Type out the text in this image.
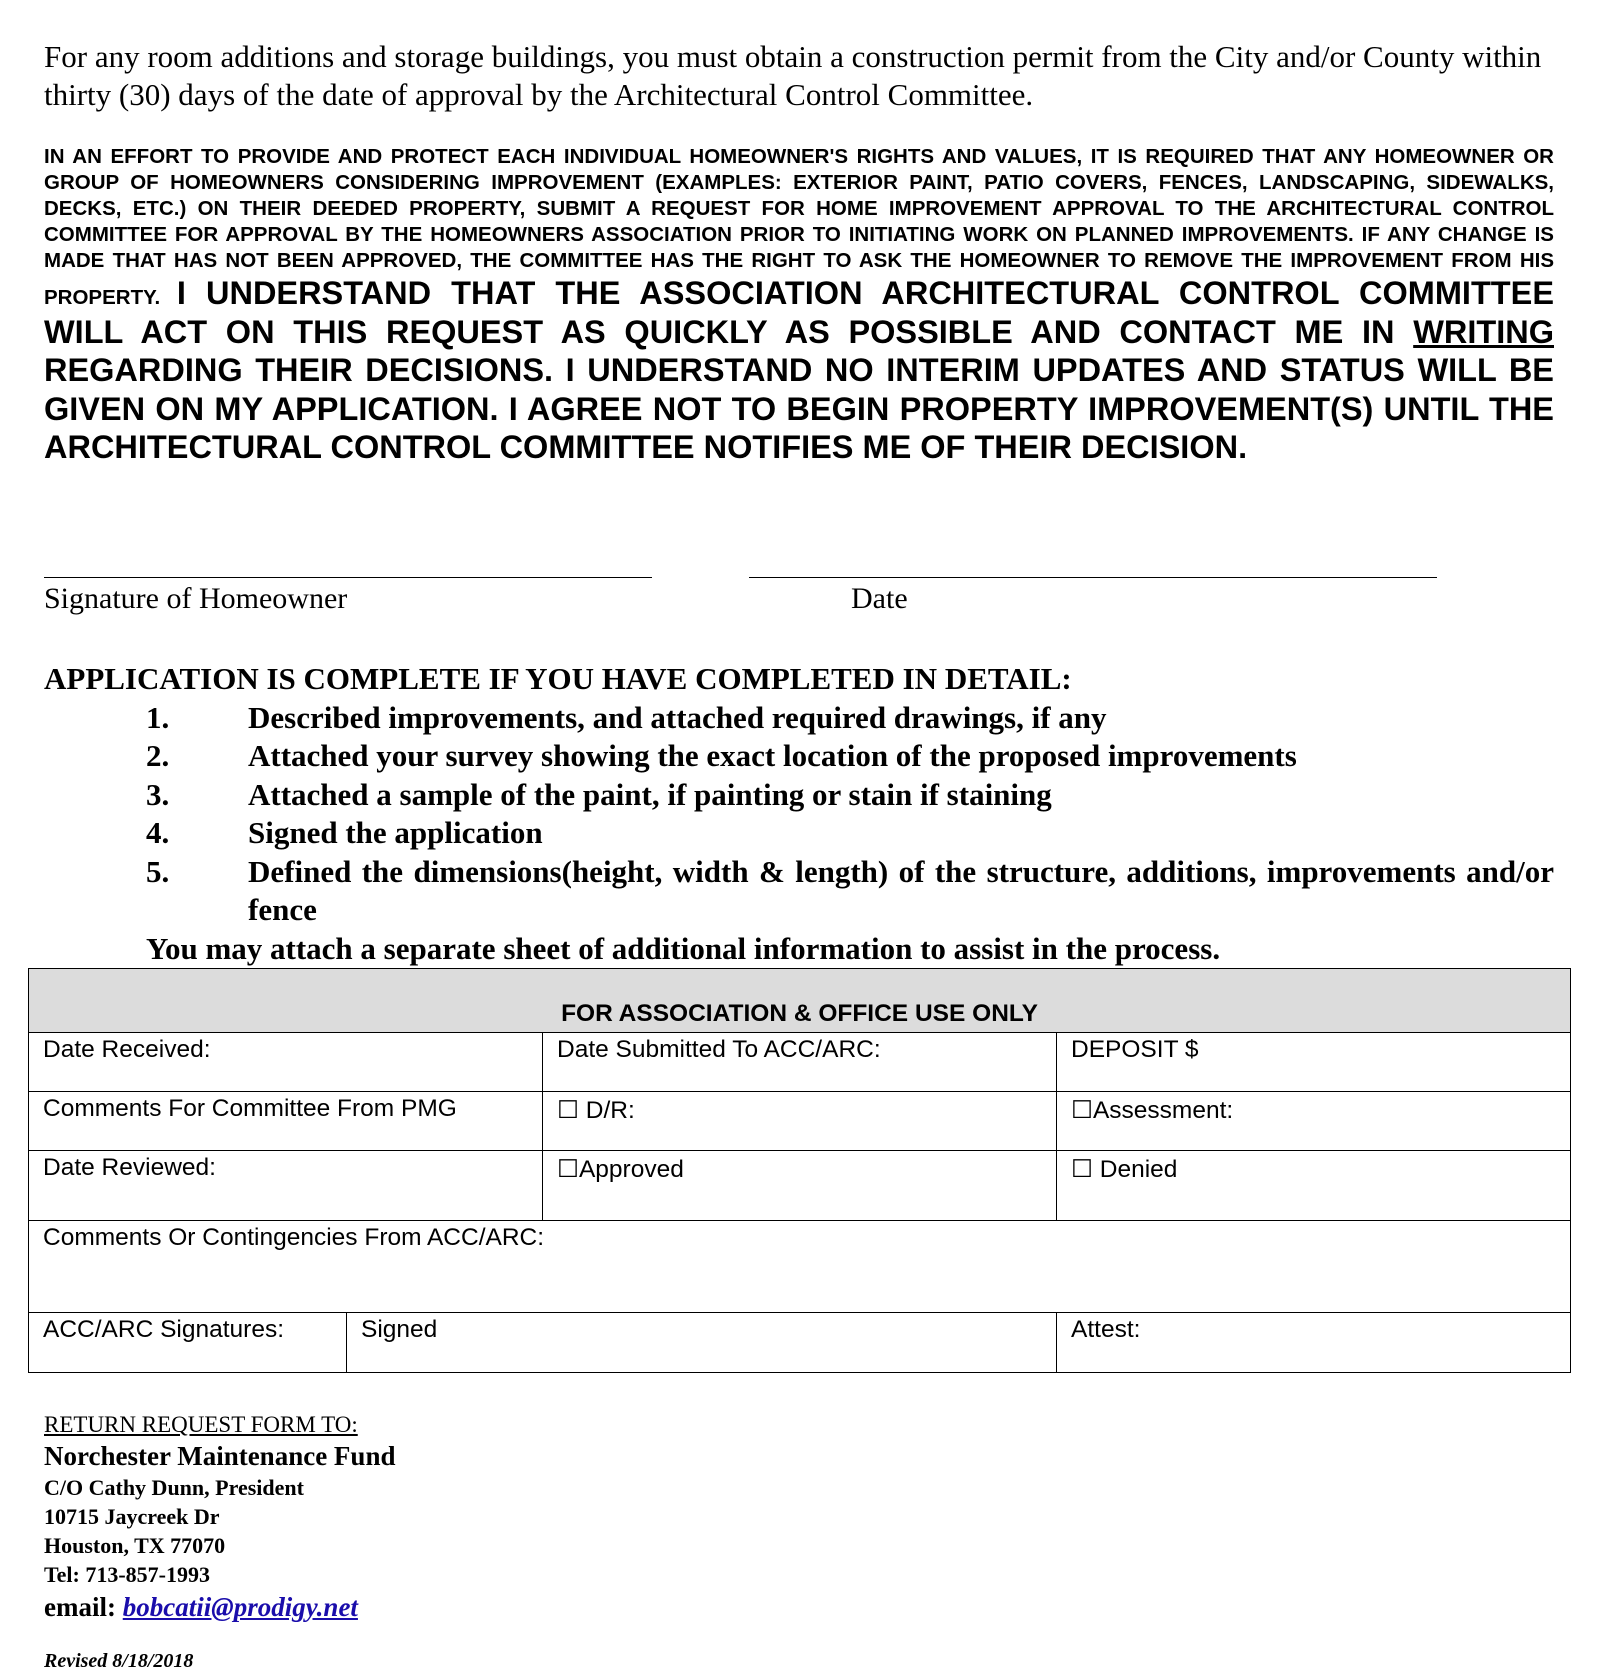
For any room additions and storage buildings, you must obtain a construction permit from the City and/or County within thirty (30) days of the date of approval by the Architectural Control Committee.
IN AN EFFORT TO PROVIDE AND PROTECT EACH INDIVIDUAL HOMEOWNER'S RIGHTS AND VALUES, IT IS REQUIRED THAT ANY HOMEOWNER OR GROUP OF HOMEOWNERS CONSIDERING IMPROVEMENT (EXAMPLES: EXTERIOR PAINT, PATIO COVERS, FENCES, LANDSCAPING, SIDEWALKS, DECKS, ETC.) ON THEIR DEEDED PROPERTY, SUBMIT A REQUEST FOR HOME IMPROVEMENT APPROVAL TO THE ARCHITECTURAL CONTROL COMMITTEE FOR APPROVAL BY THE HOMEOWNERS ASSOCIATION PRIOR TO INITIATING WORK ON PLANNED IMPROVEMENTS. IF ANY CHANGE IS MADE THAT HAS NOT BEEN APPROVED, THE COMMITTEE HAS THE RIGHT TO ASK THE HOMEOWNER TO REMOVE THE IMPROVEMENT FROM HIS PROPERTY. I UNDERSTAND THAT THE ASSOCIATION ARCHITECTURAL CONTROL COMMITTEE WILL ACT ON THIS REQUEST AS QUICKLY AS POSSIBLE AND CONTACT ME IN WRITING REGARDING THEIR DECISIONS. I UNDERSTAND NO INTERIM UPDATES AND STATUS WILL BE GIVEN ON MY APPLICATION. I AGREE NOT TO BEGIN PROPERTY IMPROVEMENT(S) UNTIL THE ARCHITECTURAL CONTROL COMMITTEE NOTIFIES ME OF THEIR DECISION.
Signature of Homeowner	Date
APPLICATION IS COMPLETE IF YOU HAVE COMPLETED IN DETAIL:
1.	Described improvements, and attached required drawings, if any
2.	Attached your survey showing the exact location of the proposed improvements
3.	Attached a sample of the paint, if painting or stain if staining
4.	Signed the application
5.	Defined the dimensions(height, width & length) of the structure, additions, improvements and/or fence
You may attach a separate sheet of additional information to assist in the process.
FOR ASSOCIATION & OFFICE USE ONLY			
Date Received:		Date Submitted To ACC/ARC:	DEPOSIT $
Comments For Committee From PMG		☐ D/R:	☐Assessment:
Date Reviewed:		☐Approved	☐ Denied
Comments Or Contingencies From ACC/ARC:			
ACC/ARC Signatures:	Signed		Attest:
RETURN REQUEST FORM TO:
Norchester Maintenance Fund
C/O Cathy Dunn, President
10715 Jaycreek Dr
Houston, TX 77070
Tel: 713-857-1993
email: bobcatii@prodigy.net
Revised 8/18/2018
